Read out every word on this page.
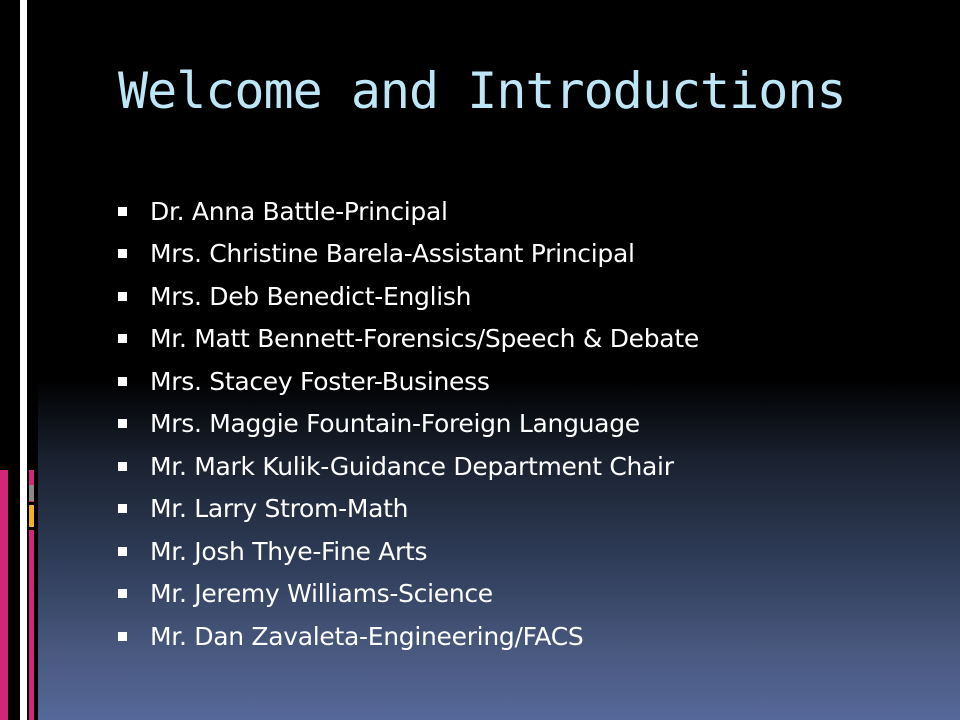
Welcome and Introductions
Dr. Anna Battle-Principal
Mrs. Christine Barela-Assistant Principal
Mrs. Deb Benedict-English
Mr. Matt Bennett-Forensics/Speech & Debate
Mrs. Stacey Foster-Business
Mrs. Maggie Fountain-Foreign Language
Mr. Mark Kulik-Guidance Department Chair
Mr. Larry Strom-Math
Mr. Josh Thye-Fine Arts
Mr. Jeremy Williams-Science
Mr. Dan Zavaleta-Engineering/FACS
